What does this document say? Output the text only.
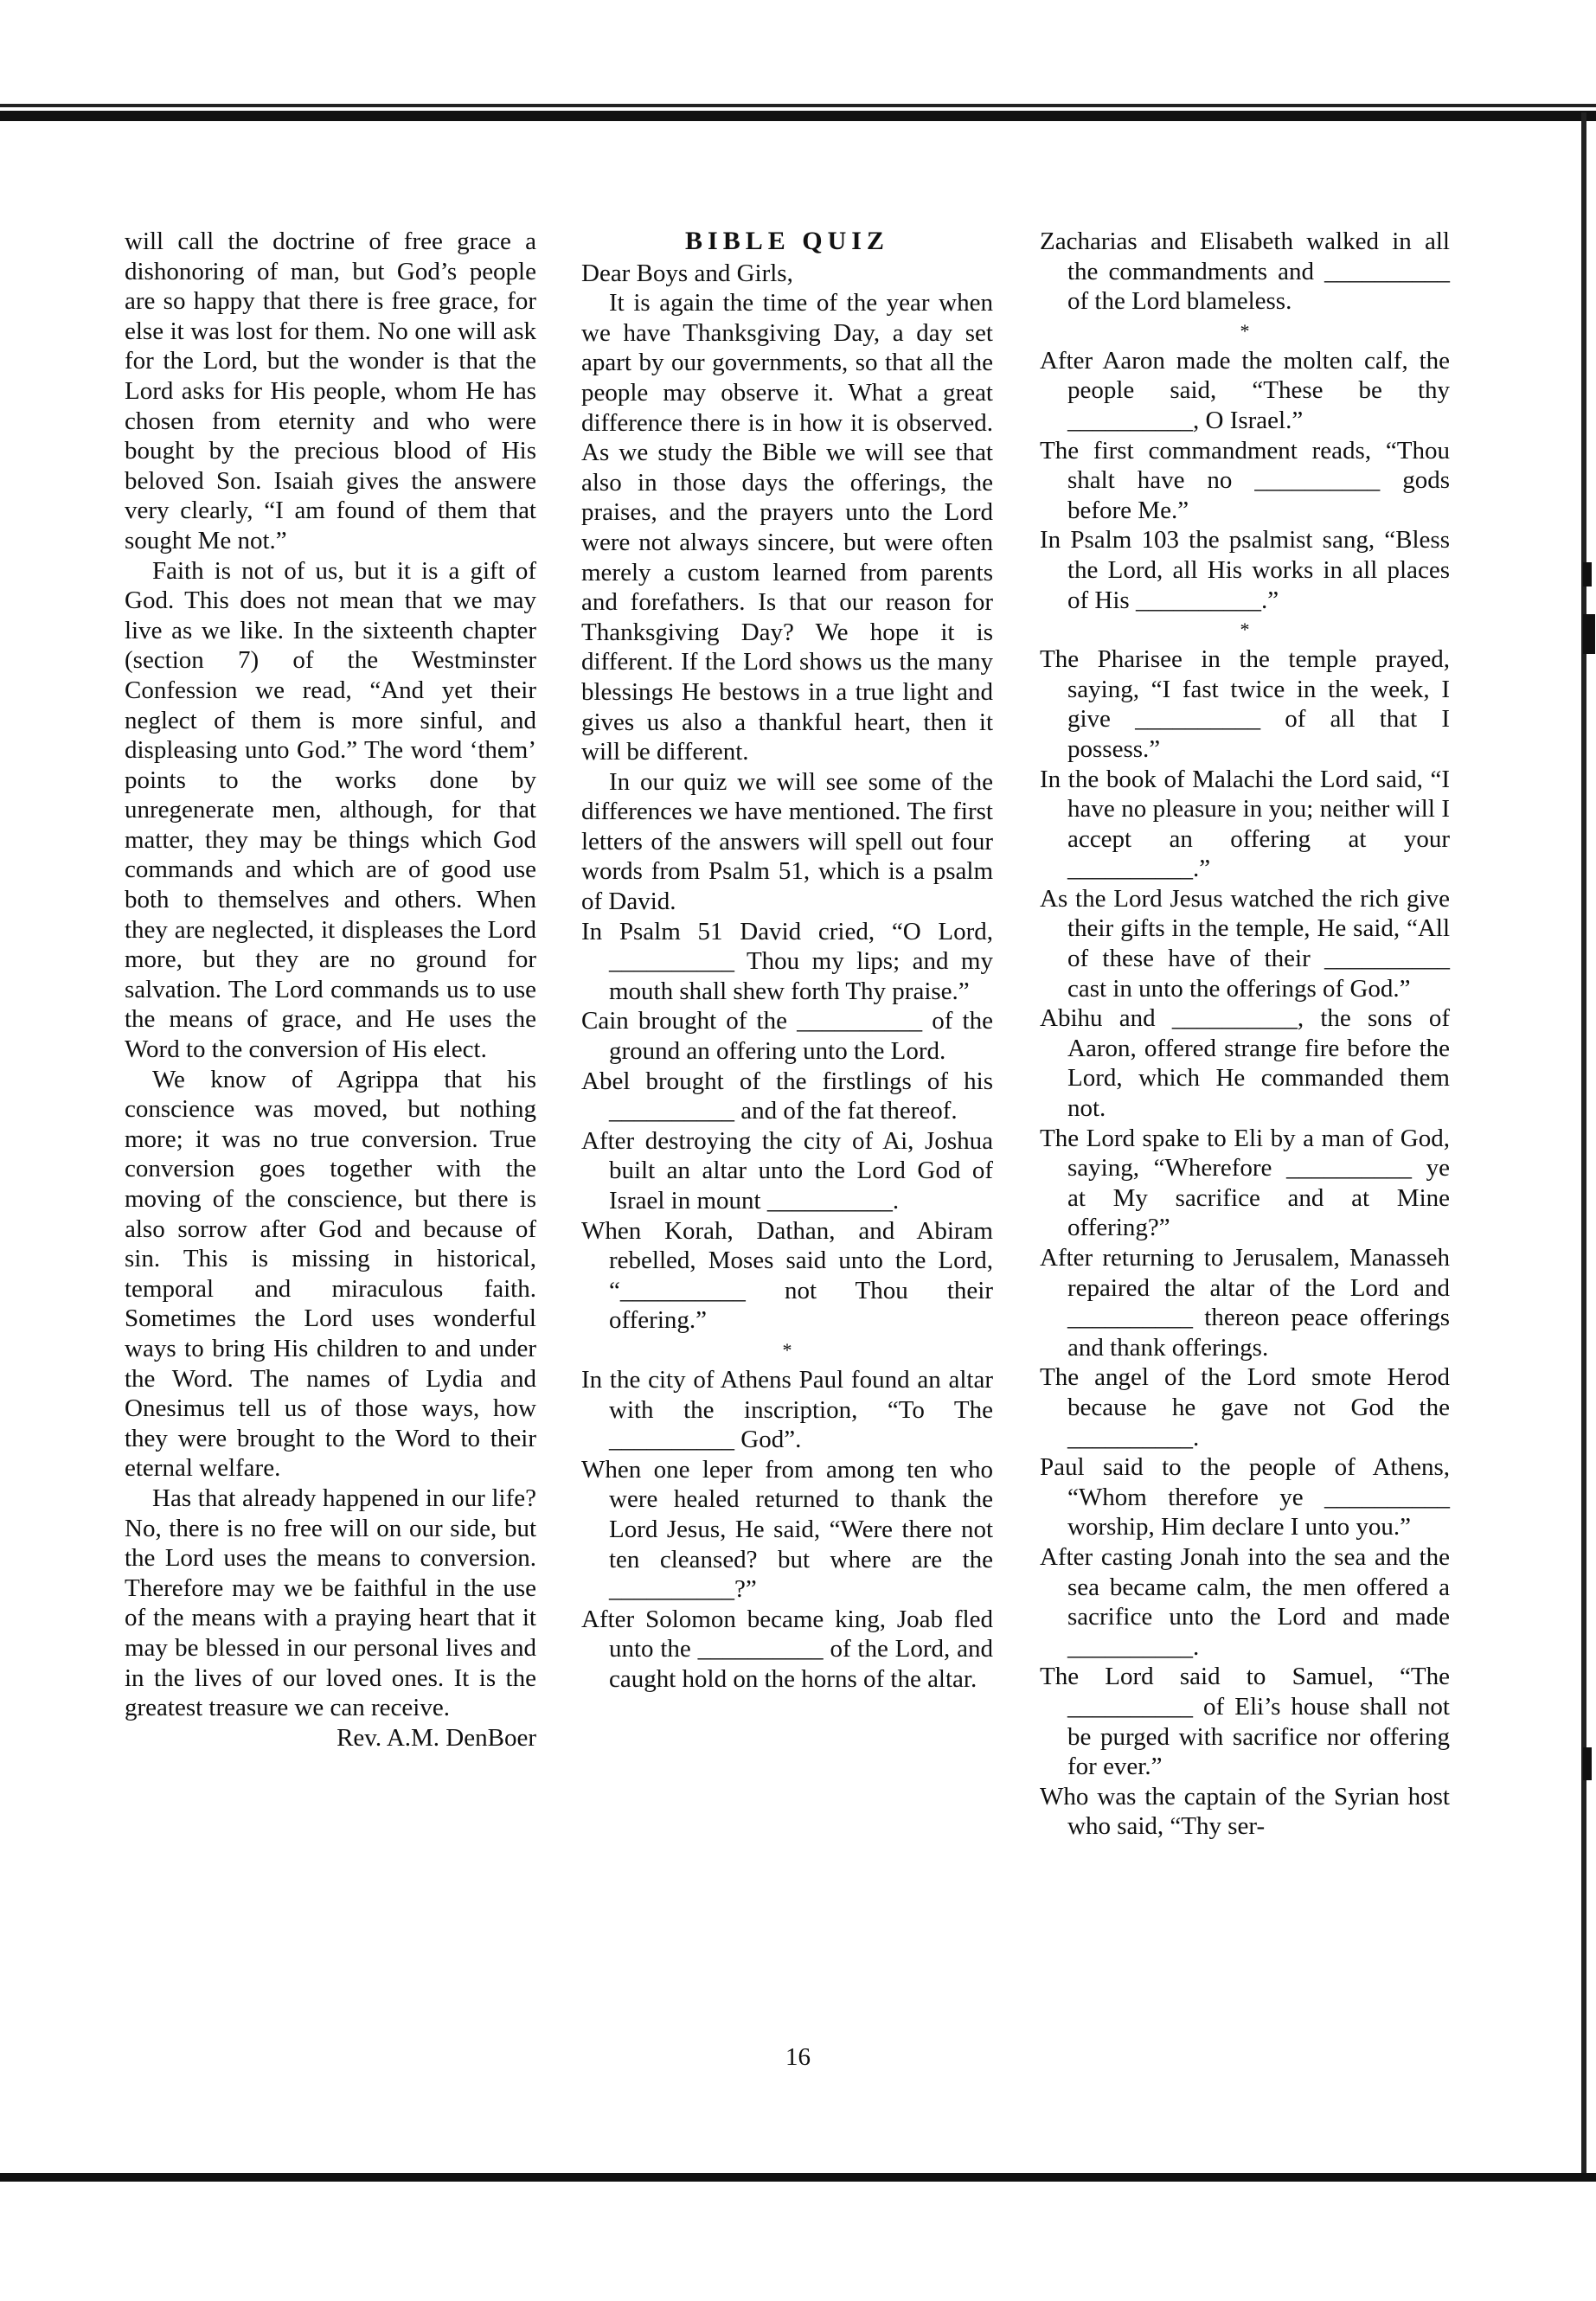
will call the doctrine of free grace a dishonoring of man, but God’s people are so happy that there is free grace, for else it was lost for them. No one will ask for the Lord, but the wonder is that the Lord asks for His people, whom He has chosen from eternity and who were bought by the precious blood of His beloved Son. Isaiah gives the answere very clearly, “I am found of them that sought Me not.”

Faith is not of us, but it is a gift of God. This does not mean that we may live as we like. In the sixteenth chapter (section 7) of the Westminster Confession we read, “And yet their neglect of them is more sinful, and displeasing unto God.” The word ‘them’ points to the works done by unregenerate men, although, for that matter, they may be things which God commands and which are of good use both to themselves and others. When they are neglected, it displeases the Lord more, but they are no ground for salvation. The Lord commands us to use the means of grace, and He uses the Word to the conversion of His elect.

We know of Agrippa that his conscience was moved, but nothing more; it was no true conversion. True conversion goes together with the moving of the conscience, but there is also sorrow after God and because of sin. This is missing in historical, temporal and miraculous faith. Sometimes the Lord uses wonderful ways to bring His children to and under the Word. The names of Lydia and Onesimus tell us of those ways, how they were brought to the Word to their eternal welfare.

Has that already happened in our life? No, there is no free will on our side, but the Lord uses the means to conversion. Therefore may we be faithful in the use of the means with a praying heart that it may be blessed in our personal lives and in the lives of our loved ones. It is the greatest treasure we can receive.

Rev. A.M. DenBoer

BIBLE QUIZ

Dear Boys and Girls,

It is again the time of the year when we have Thanksgiving Day, a day set apart by our governments, so that all the people may observe it. What a great difference there is in how it is observed. As we study the Bible we will see that also in those days the offerings, the praises, and the prayers unto the Lord were not always sincere, but were often merely a custom learned from parents and forefathers. Is that our reason for Thanksgiving Day? We hope it is different. If the Lord shows us the many blessings He bestows in a true light and gives us also a thankful heart, then it will be different.

In our quiz we will see some of the differences we have mentioned. The first letters of the answers will spell out four words from Psalm 51, which is a psalm of David.

In Psalm 51 David cried, “O Lord, __________ Thou my lips; and my mouth shall shew forth Thy praise.”

Cain brought of the __________ of the ground an offering unto the Lord.

Abel brought of the firstlings of his __________ and of the fat thereof.

After destroying the city of Ai, Joshua built an altar unto the Lord God of Israel in mount __________.

When Korah, Dathan, and Abiram rebelled, Moses said unto the Lord, “__________ not Thou their offering.”

*

In the city of Athens Paul found an altar with the inscription, “To The __________ God”.

When one leper from among ten who were healed returned to thank the Lord Jesus, He said, “Were there not ten cleansed? but where are the __________?”

After Solomon became king, Joab fled unto the __________ of the Lord, and caught hold on the horns of the altar.

Zacharias and Elisabeth walked in all the commandments and __________ of the Lord blameless.

*

After Aaron made the molten calf, the people said, “These be thy __________, O Israel.”

The first commandment reads, “Thou shalt have no __________ gods before Me.”

In Psalm 103 the psalmist sang, “Bless the Lord, all His works in all places of His __________.”

*

The Pharisee in the temple prayed, saying, “I fast twice in the week, I give __________ of all that I possess.”

In the book of Malachi the Lord said, “I have no pleasure in you; neither will I accept an offering at your __________.”

As the Lord Jesus watched the rich give their gifts in the temple, He said, “All of these have of their __________ cast in unto the offerings of God.”

Abihu and __________, the sons of Aaron, offered strange fire before the Lord, which He commanded them not.

The Lord spake to Eli by a man of God, saying, “Wherefore __________ ye at My sacrifice and at Mine offering?”

After returning to Jerusalem, Manasseh repaired the altar of the Lord and __________ thereon peace offerings and thank offerings.

The angel of the Lord smote Herod because he gave not God the __________.

Paul said to the people of Athens, “Whom therefore ye __________ worship, Him declare I unto you.”

After casting Jonah into the sea and the sea became calm, the men offered a sacrifice unto the Lord and made __________.

The Lord said to Samuel, “The __________ of Eli’s house shall not be purged with sacrifice nor offering for ever.”

Who was the captain of the Syrian host who said, “Thy ser-

16
